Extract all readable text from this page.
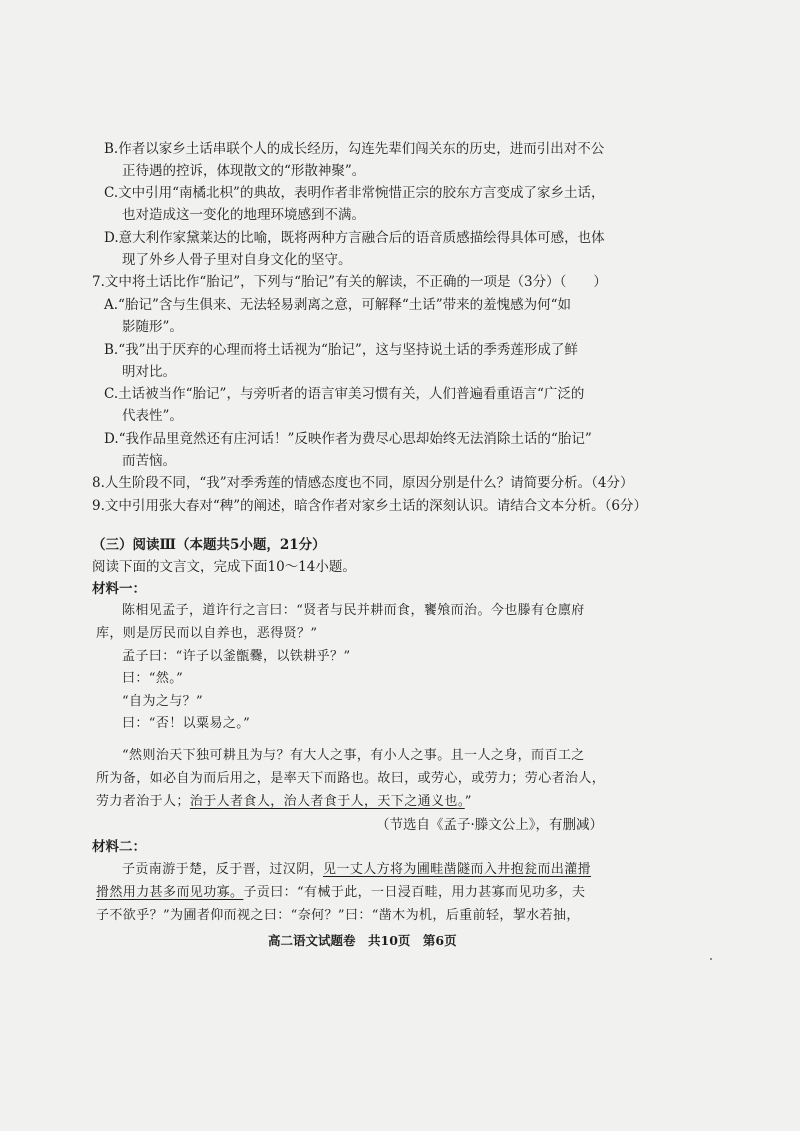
B.作者以家乡土话串联个人的成长经历，勾连先辈们闯关东的历史，进而引出对不公
正待遇的控诉，体现散文的“形散神聚”。
C.文中引用“南橘北枳”的典故，表明作者非常惋惜正宗的胶东方言变成了家乡土话，
也对造成这一变化的地理环境感到不满。
D.意大利作家黛莱达的比喻，既将两种方言融合后的语音质感描绘得具体可感，也体
现了外乡人骨子里对自身文化的坚守。
7.文中将土话比作“胎记”，下列与“胎记”有关的解读，不正确的一项是（3分）（　　）
A.“胎记”含与生俱来、无法轻易剥离之意，可解释“土话”带来的羞愧感为何“如
影随形”。
B.“我”出于厌弃的心理而将土话视为“胎记”，这与坚持说土话的季秀莲形成了鲜
明对比。
C.土话被当作“胎记”，与旁听者的语言审美习惯有关，人们普遍看重语言“广泛的
代表性”。
D.“我作品里竟然还有庄河话！”反映作者为费尽心思却始终无法消除土话的“胎记”
而苦恼。
8.人生阶段不同，“我”对季秀莲的情感态度也不同，原因分别是什么？请简要分析。（4分）
9.文中引用张大春对“稗”的阐述，暗含作者对家乡土话的深刻认识。请结合文本分析。（6分）
（三）阅读Ⅲ（本题共5小题，21分）
阅读下面的文言文，完成下面10～14小题。
材料一：
陈相见孟子，道许行之言曰：“贤者与民并耕而食，饔飧而治。今也滕有仓廪府
库，则是厉民而以自养也，恶得贤？”
孟子曰：“许子以釜甑爨，以铁耕乎？”
曰：“然。”
“自为之与？”
曰：“否！以粟易之。”
“然则治天下独可耕且为与？有大人之事，有小人之事。且一人之身，而百工之
所为备，如必自为而后用之，是率天下而路也。故曰，或劳心，或劳力；劳心者治人，
劳力者治于人；治于人者食人，治人者食于人，天下之通义也。”
（节选自《孟子·滕文公上》，有删减）
材料二：
子贡南游于楚，反于晋，过汉阴，见一丈人方将为圃畦凿隧而入井抱瓮而出灌搰
搰然用力甚多而见功寡。子贡曰：“有械于此，一日浸百畦，用力甚寡而见功多，夫
子不欲乎？”为圃者仰而视之曰：“奈何？”曰：“凿木为机，后重前轻，挈水若抽，
高二语文试题卷　共10页　第6页
